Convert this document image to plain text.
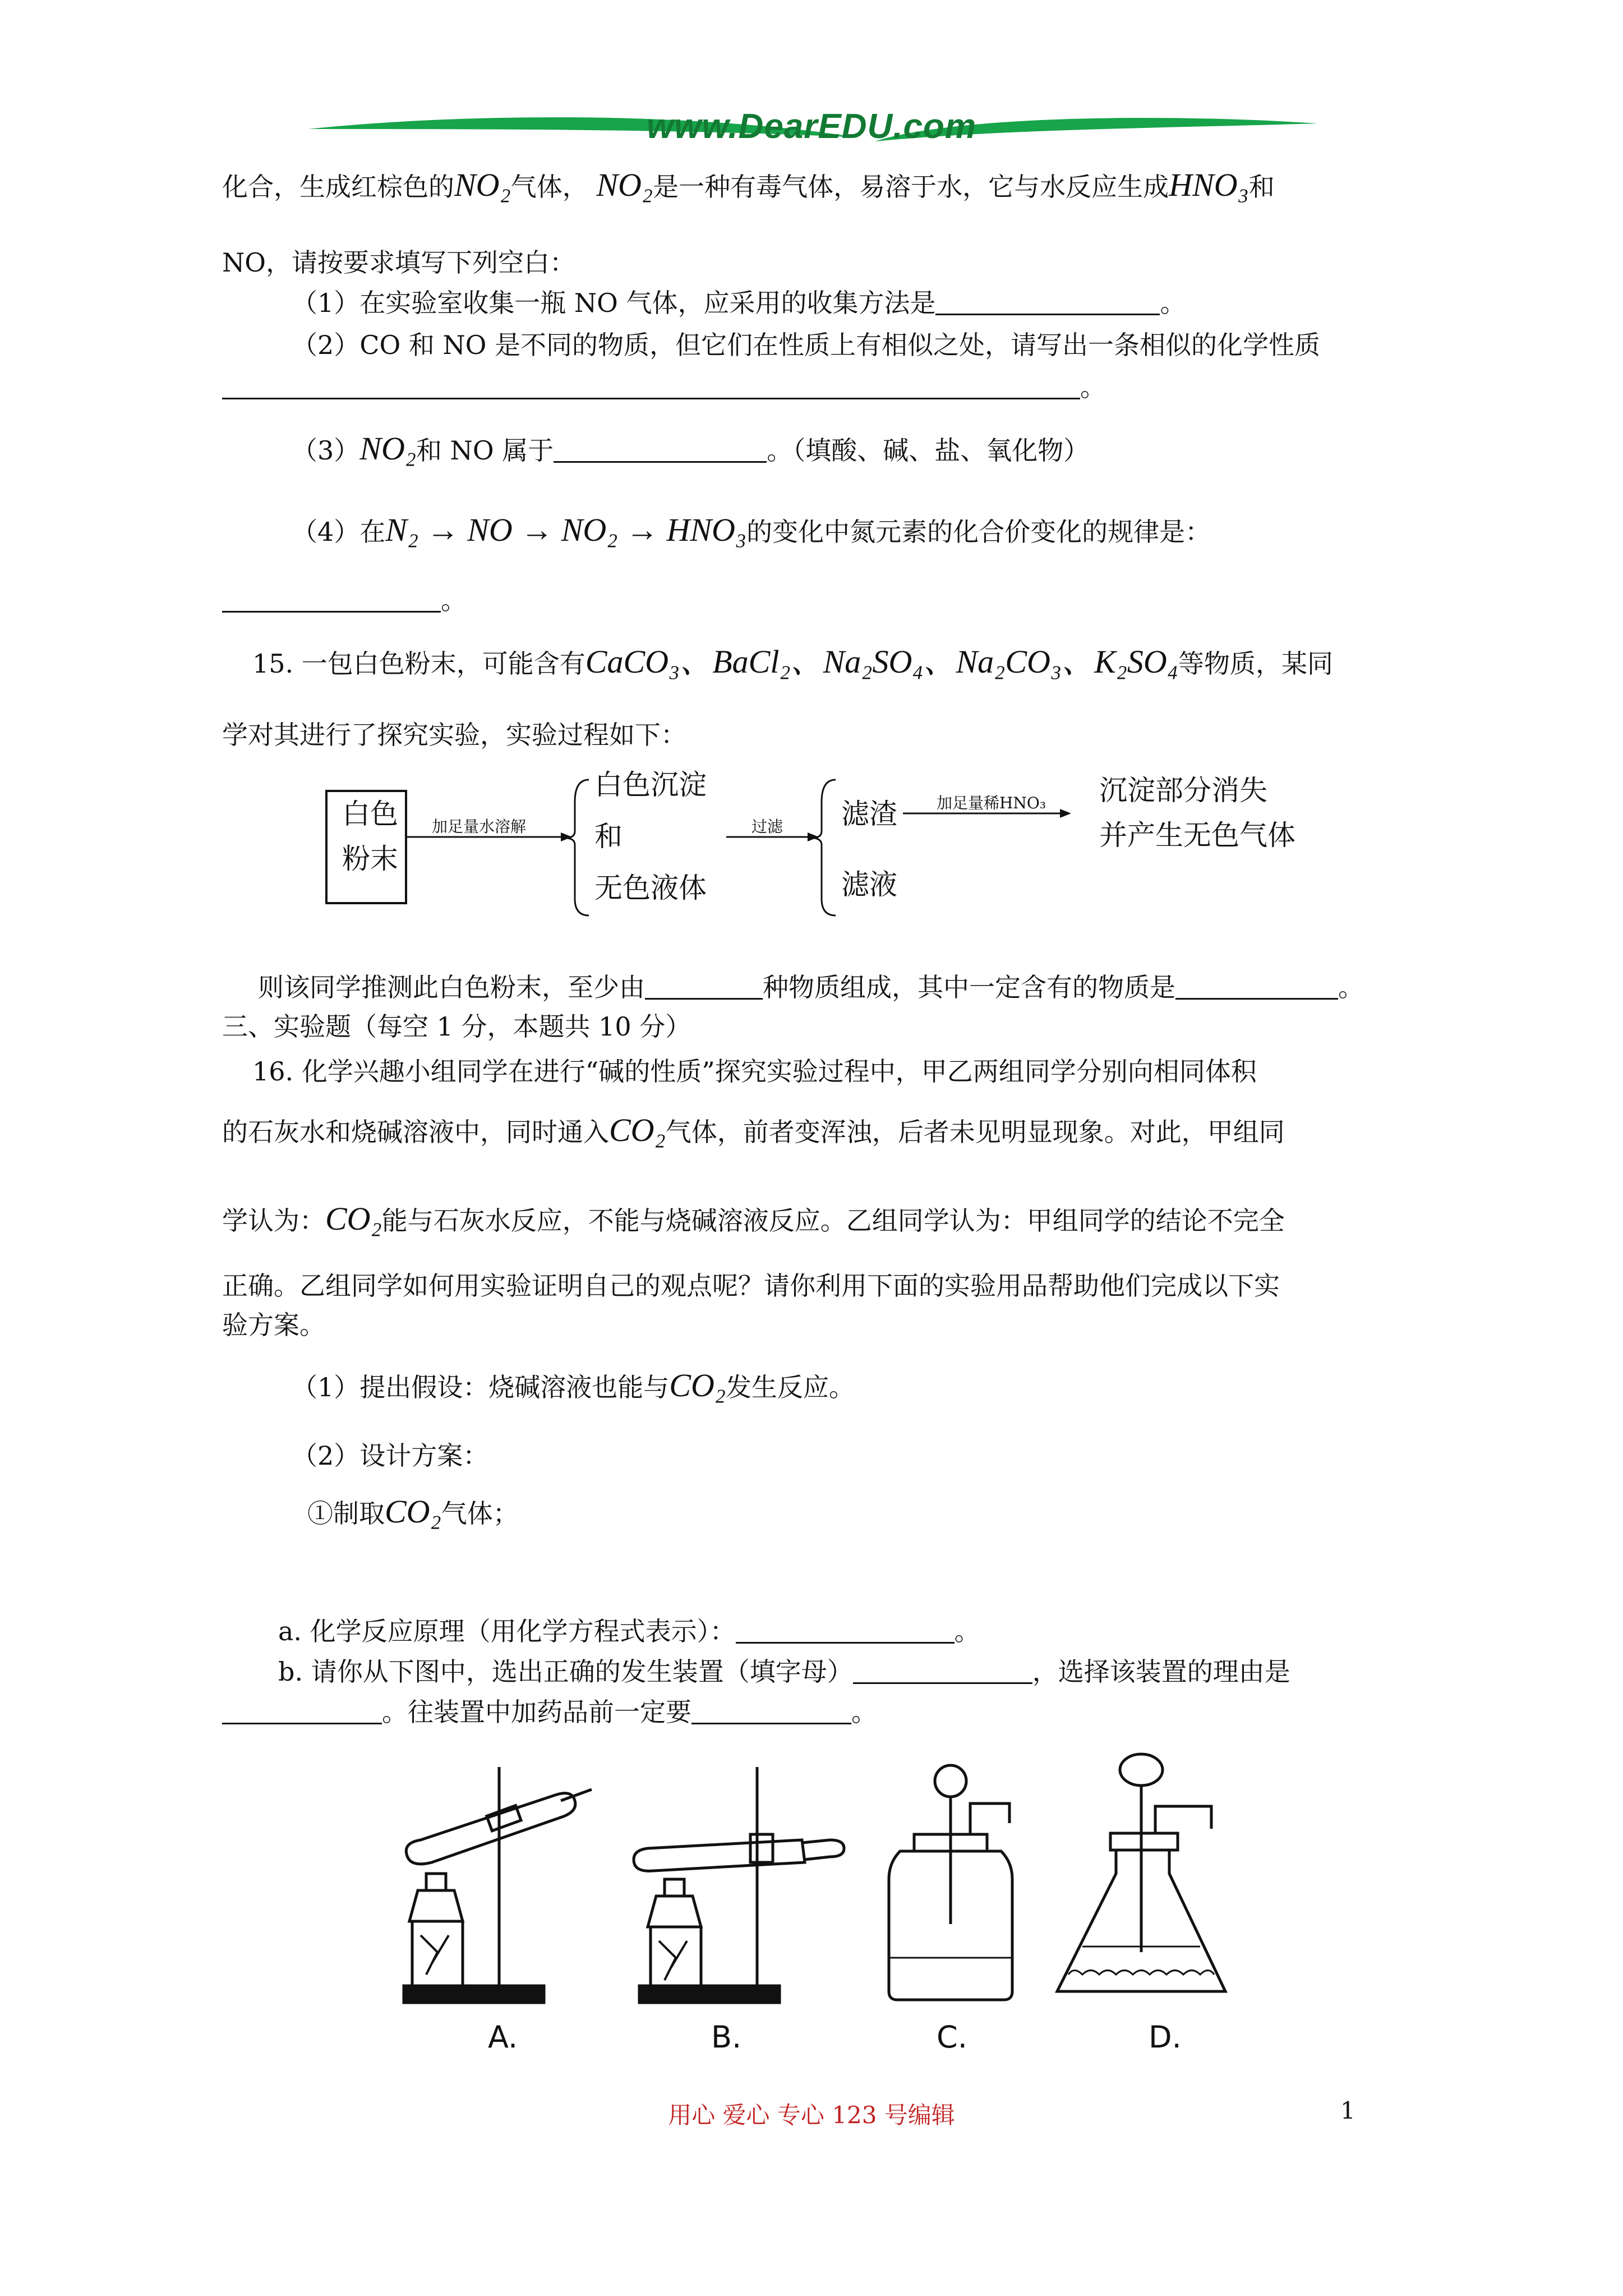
www.DearEDU.com
化合，生成红棕色的NO₂气体， NO₂是一种有毒气体，易溶于水，它与水反应生成HNO₃和
NO，请按要求填写下列空白：
（1）在实验室收集一瓶 NO 气体，应采用的收集方法是	。
（2）CO 和 NO 是不同的物质，但它们在性质上有相似之处，请写出一条相似的化学性质
。
（3）NO₂和 NO 属于	。（填酸、碱、盐、氧化物）
（4）在N₂ → NO → NO₂ → HNO₃的变化中氮元素的化合价变化的规律是：
。
15. 一包白色粉末，可能含有CaCO₃、BaCl₂、Na₂SO₄、Na₂CO₃、K₂SO₄等物质，某同
学对其进行了探究实验，实验过程如下：
白色
粉末
加足量水溶解
白色沉淀
和
无色液体
过滤 滤渣
滤液
加足量稀HNO₃ 沉淀部分消失
并产生无色气体
则该同学推测此白色粉末，至少由	种物质组成，其中一定含有的物质是	。
三、实验题（每空 1 分，本题共 10 分）
16. 化学兴趣小组同学在进行“碱的性质”探究实验过程中，甲乙两组同学分别向相同体积
的石灰水和烧碱溶液中，同时通入CO₂气体，前者变浑浊，后者未见明显现象。对此，甲组同
学认为：CO₂能与石灰水反应，不能与烧碱溶液反应。乙组同学认为：甲组同学的结论不完全
正确。乙组同学如何用实验证明自己的观点呢？请你利用下面的实验用品帮助他们完成以下实
验方案。
（1）提出假设：烧碱溶液也能与CO₂发生反应。
（2）设计方案：
①制取CO₂气体；
a. 化学反应原理（用化学方程式表示）：	。
b. 请你从下图中，选出正确的发生装置（填字母）	，选择该装置的理由是
。往装置中加药品前一定要	。
A.	B.	C.	D.
用心 爱心 专心 123 号编辑	1
